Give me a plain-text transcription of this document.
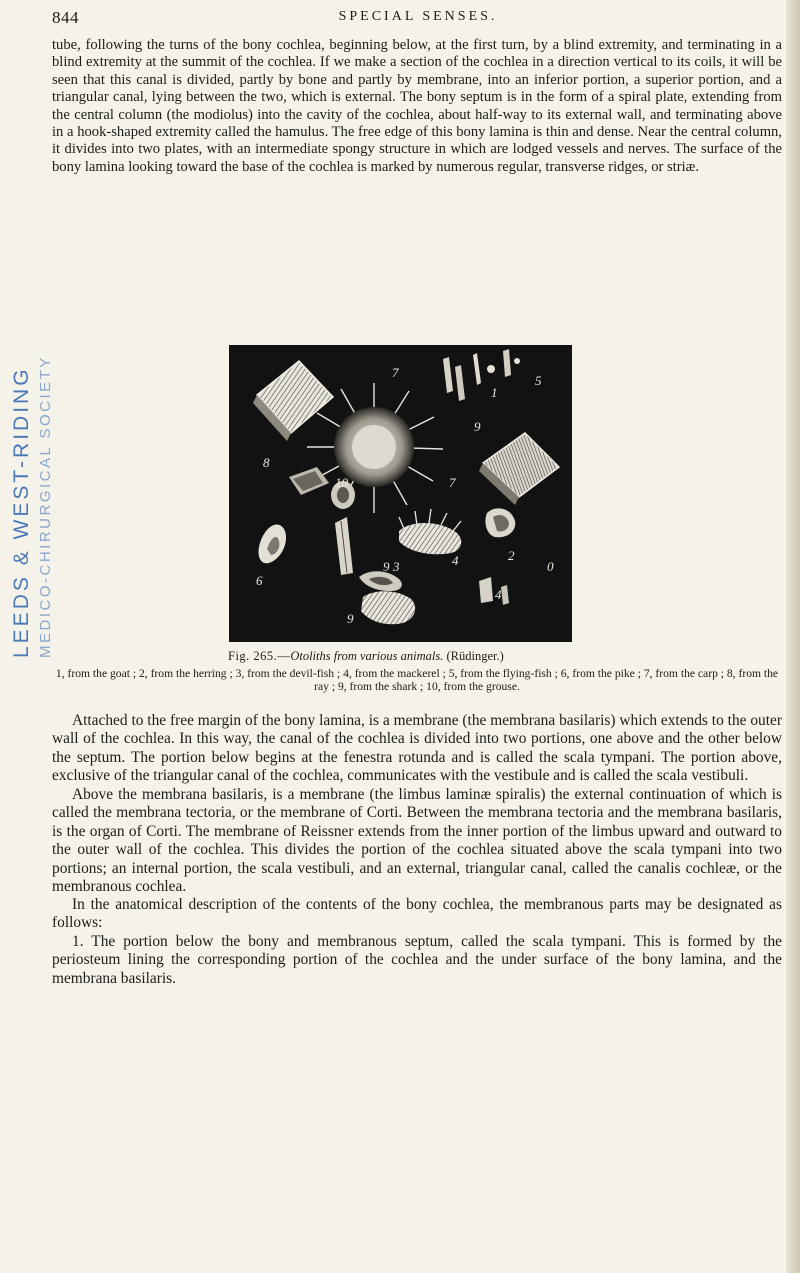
844	SPECIAL SENSES.

tube, following the turns of the bony cochlea, beginning below, at the first turn, by a blind extremity, and terminating in a blind extremity at the summit of the cochlea. If we make a section of the cochlea in a direction vertical to its coils, it will be seen that this canal is divided, partly by bone and partly by membrane, into an inferior portion, a superior portion, and a triangular canal, lying between the two, which is external. The bony septum is in the form of a spiral plate, extending from the central column (the modiolus) into the cavity of the cochlea, about half-way to its external wall, and terminating above in a hook-shaped extremity called the hamulus. The free edge of this bony lamina is thin and dense. Near the central column, it divides into two plates, with an intermediate spongy structure in which are lodged vessels and nerves. The surface of the bony lamina looking toward the base of the cochlea is marked by numerous regular, transverse ridges, or striæ.

LEEDS & WEST-RIDING MEDICO-CHIRURGICAL SOCIETY	8
7
9
10	7
6
9 3
2
4	0
4
1
5
9
Fig. 265.—Otoliths from various animals. (Rüdinger.)

1, from the goat ; 2, from the herring ; 3, from the devil-fish ; 4, from the mackerel ; 5, from the flying-fish ; 6, from the pike ; 7, from the carp ; 8, from the ray ; 9, from the shark ; 10, from the grouse.

Attached to the free margin of the bony lamina, is a membrane (the membrana basilaris) which extends to the outer wall of the cochlea. In this way, the canal of the cochlea is divided into two portions, one above and the other below the septum. The portion below begins at the fenestra rotunda and is called the scala tympani. The portion above, exclusive of the triangular canal of the cochlea, communicates with the vestibule and is called the scala vestibuli.

Above the membrana basilaris, is a membrane (the limbus laminæ spiralis) the external continuation of which is called the membrana tectoria, or the membrane of Corti. Between the membrana tectoria and the membrana basilaris, is the organ of Corti. The membrane of Reissner extends from the inner portion of the limbus upward and outward to the outer wall of the cochlea. This divides the portion of the cochlea situated above the scala tympani into two portions; an internal portion, the scala vestibuli, and an external, triangular canal, called the canalis cochleæ, or the membranous cochlea.

In the anatomical description of the contents of the bony cochlea, the membranous parts may be designated as follows:

1. The portion below the bony and membranous septum, called the scala tympani. This is formed by the periosteum lining the corresponding portion of the cochlea and the under surface of the bony lamina, and the membrana basilaris.
